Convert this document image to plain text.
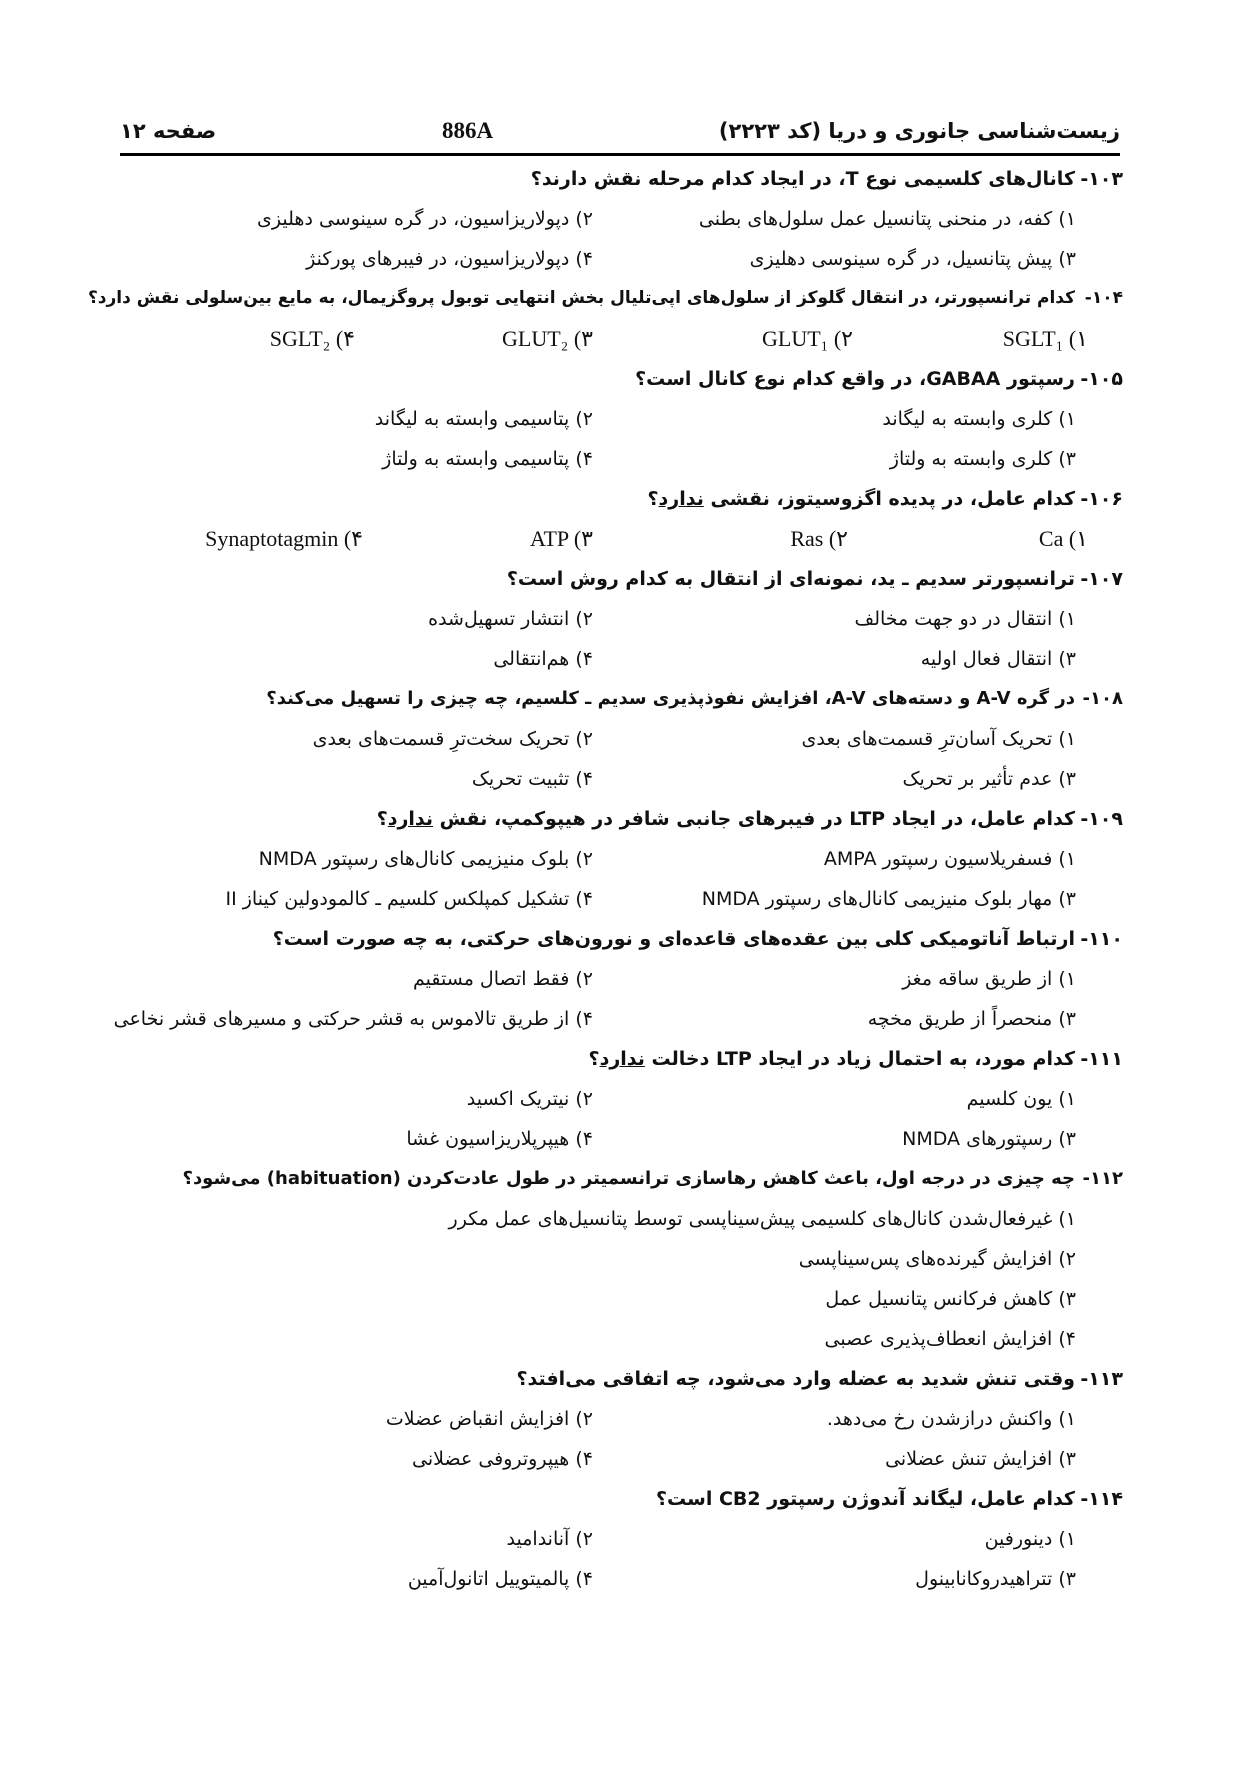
صفحه ۱۲	886A	زیست‌شناسی جانوری و دریا (کد ۲۲۲۳)
۱۰۳-کانال‌های کلسیمی نوع T، در ایجاد کدام مرحله نقش دارند؟
۱) کفه، در منحنی پتانسیل عمل سلول‌های بطنی
۲) دپولاریزاسیون، در گره سینوسی دهلیزی
۳) پیش پتانسیل، در گره سینوسی دهلیزی
۴) دپولاریزاسیون، در فیبرهای پورکنژ
۱۰۴-کدام ترانسپورتر، در انتقال گلوکز از سلول‌های اپی‌تلیال بخش انتهایی توبول پروگزیمال، به مایع بین‌سلولی نقش دارد؟
SGLT₁ (۱
GLUT₁ (۲
GLUT₂ (۳
SGLT₂ (۴
۱۰۵-رسپتور GABAA، در واقع کدام نوع کانال است؟
۱) کلری وابسته به لیگاند
۲) پتاسیمی وابسته به لیگاند
۳) کلری وابسته به ولتاژ
۴) پتاسیمی وابسته به ولتاژ
۱۰۶-کدام عامل، در پدیده اگزوسیتوز، نقشی ندارد؟
Ca (۱
Ras (۲
ATP (۳
Synaptotagmin (۴
۱۰۷-ترانسپورتر سدیم ـ ید، نمونه‌ای از انتقال به کدام روش است؟
۱) انتقال در دو جهت مخالف
۲) انتشار تسهیل‌شده
۳) انتقال فعال اولیه
۴) هم‌انتقالی
۱۰۸-در گره A-V و دسته‌های A-V، افزایش نفوذپذیری سدیم ـ کلسیم، چه چیزی را تسهیل می‌کند؟
۱) تحریک آسان‌ترِ قسمت‌های بعدی
۲) تحریک سخت‌ترِ قسمت‌های بعدی
۳) عدم تأثیر بر تحریک
۴) تثبیت تحریک
۱۰۹-کدام عامل، در ایجاد LTP در فیبرهای جانبی شافر در هیپوکمپ، نقش ندارد؟
۱) فسفریلاسیون رسپتور AMPA
۲) بلوک منیزیمی کانال‌های رسپتور NMDA
۳) مهار بلوک منیزیمی کانال‌های رسپتور NMDA
۴) تشکیل کمپلکس کلسیم ـ کالمودولین کیناز II
۱۱۰-ارتباط آناتومیکی کلی بین عقده‌های قاعده‌ای و نورون‌های حرکتی، به چه صورت است؟
۱) از طریق ساقه مغز
۲) فقط اتصال مستقیم
۳) منحصراً از طریق مخچه
۴) از طریق تالاموس به قشر حرکتی و مسیرهای قشر نخاعی
۱۱۱-کدام مورد، به احتمال زیاد در ایجاد LTP دخالت ندارد؟
۱) یون کلسیم
۲) نیتریک اکسید
۳) رسپتورهای NMDA
۴) هیپرپلاریزاسیون غشا
۱۱۲-چه چیزی در درجه اول، باعث کاهش رهاسازی ترانسمیتر در طول عادت‌کردن (habituation) می‌شود؟
۱) غیرفعال‌شدن کانال‌های کلسیمی پیش‌سیناپسی توسط پتانسیل‌های عمل مکرر
۲) افزایش گیرنده‌های پس‌سیناپسی
۳) کاهش فرکانس پتانسیل عمل
۴) افزایش انعطاف‌پذیری عصبی
۱۱۳-وقتی تنش شدید به عضله وارد می‌شود، چه اتفاقی می‌افتد؟
۱) واکنش درازشدن رخ می‌دهد.
۲) افزایش انقباض عضلات
۳) افزایش تنش عضلانی
۴) هیپروتروفی عضلانی
۱۱۴-کدام عامل، لیگاند آندوژن رسپتور CB2 است؟
۱) دینورفین
۲) آناندامید
۳) تتراهیدروکانابینول
۴) پالمیتوییل اتانول‌آمین
